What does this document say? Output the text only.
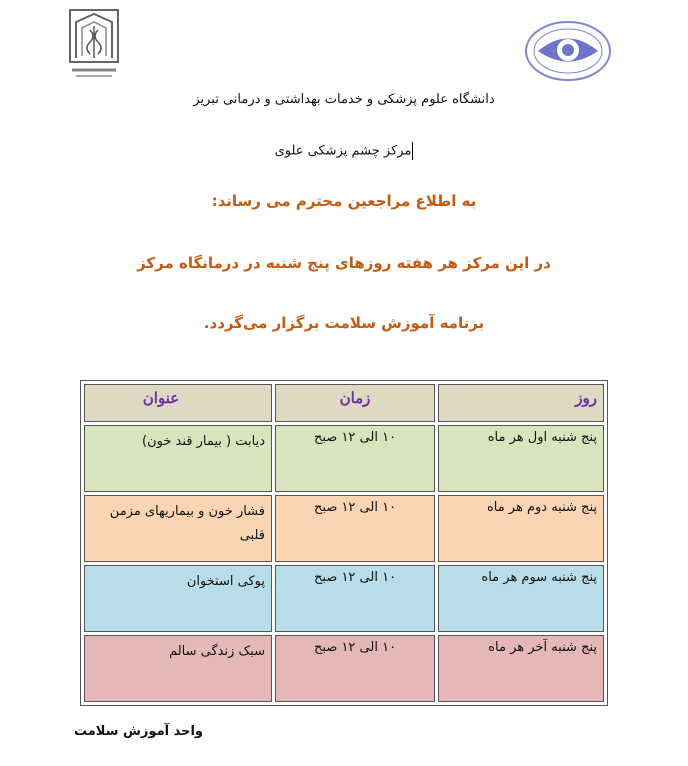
دانشگاه علوم پزشکی و خدمات بهداشتی و درمانی تبریز
مرکز چشم پزشکی علوی
به اطلاع مراجعین محترم می رساند:
در این مرکز هر هفته روزهای پنج شنبه در درمانگاه مرکز
برنامه آموزش سلامت برگزار می‌گردد.
روز	زمان	عنوان
پنج شنبه اول هر ماه	۱۰ الی ۱۲ صبح	دیابت ( بیمار قند خون)
پنج شنبه دوم هر ماه	۱۰ الی ۱۲ صبح	فشار خون و بیماریهای مزمن قلبی
پنج شنبه سوم هر ماه	۱۰ الی ۱۲ صبح	پوکی استخوان
پنج شنبه آخر هر ماه	۱۰ الی ۱۲ صبح	سبک زندگی سالم
واحد آموزش سلامت
